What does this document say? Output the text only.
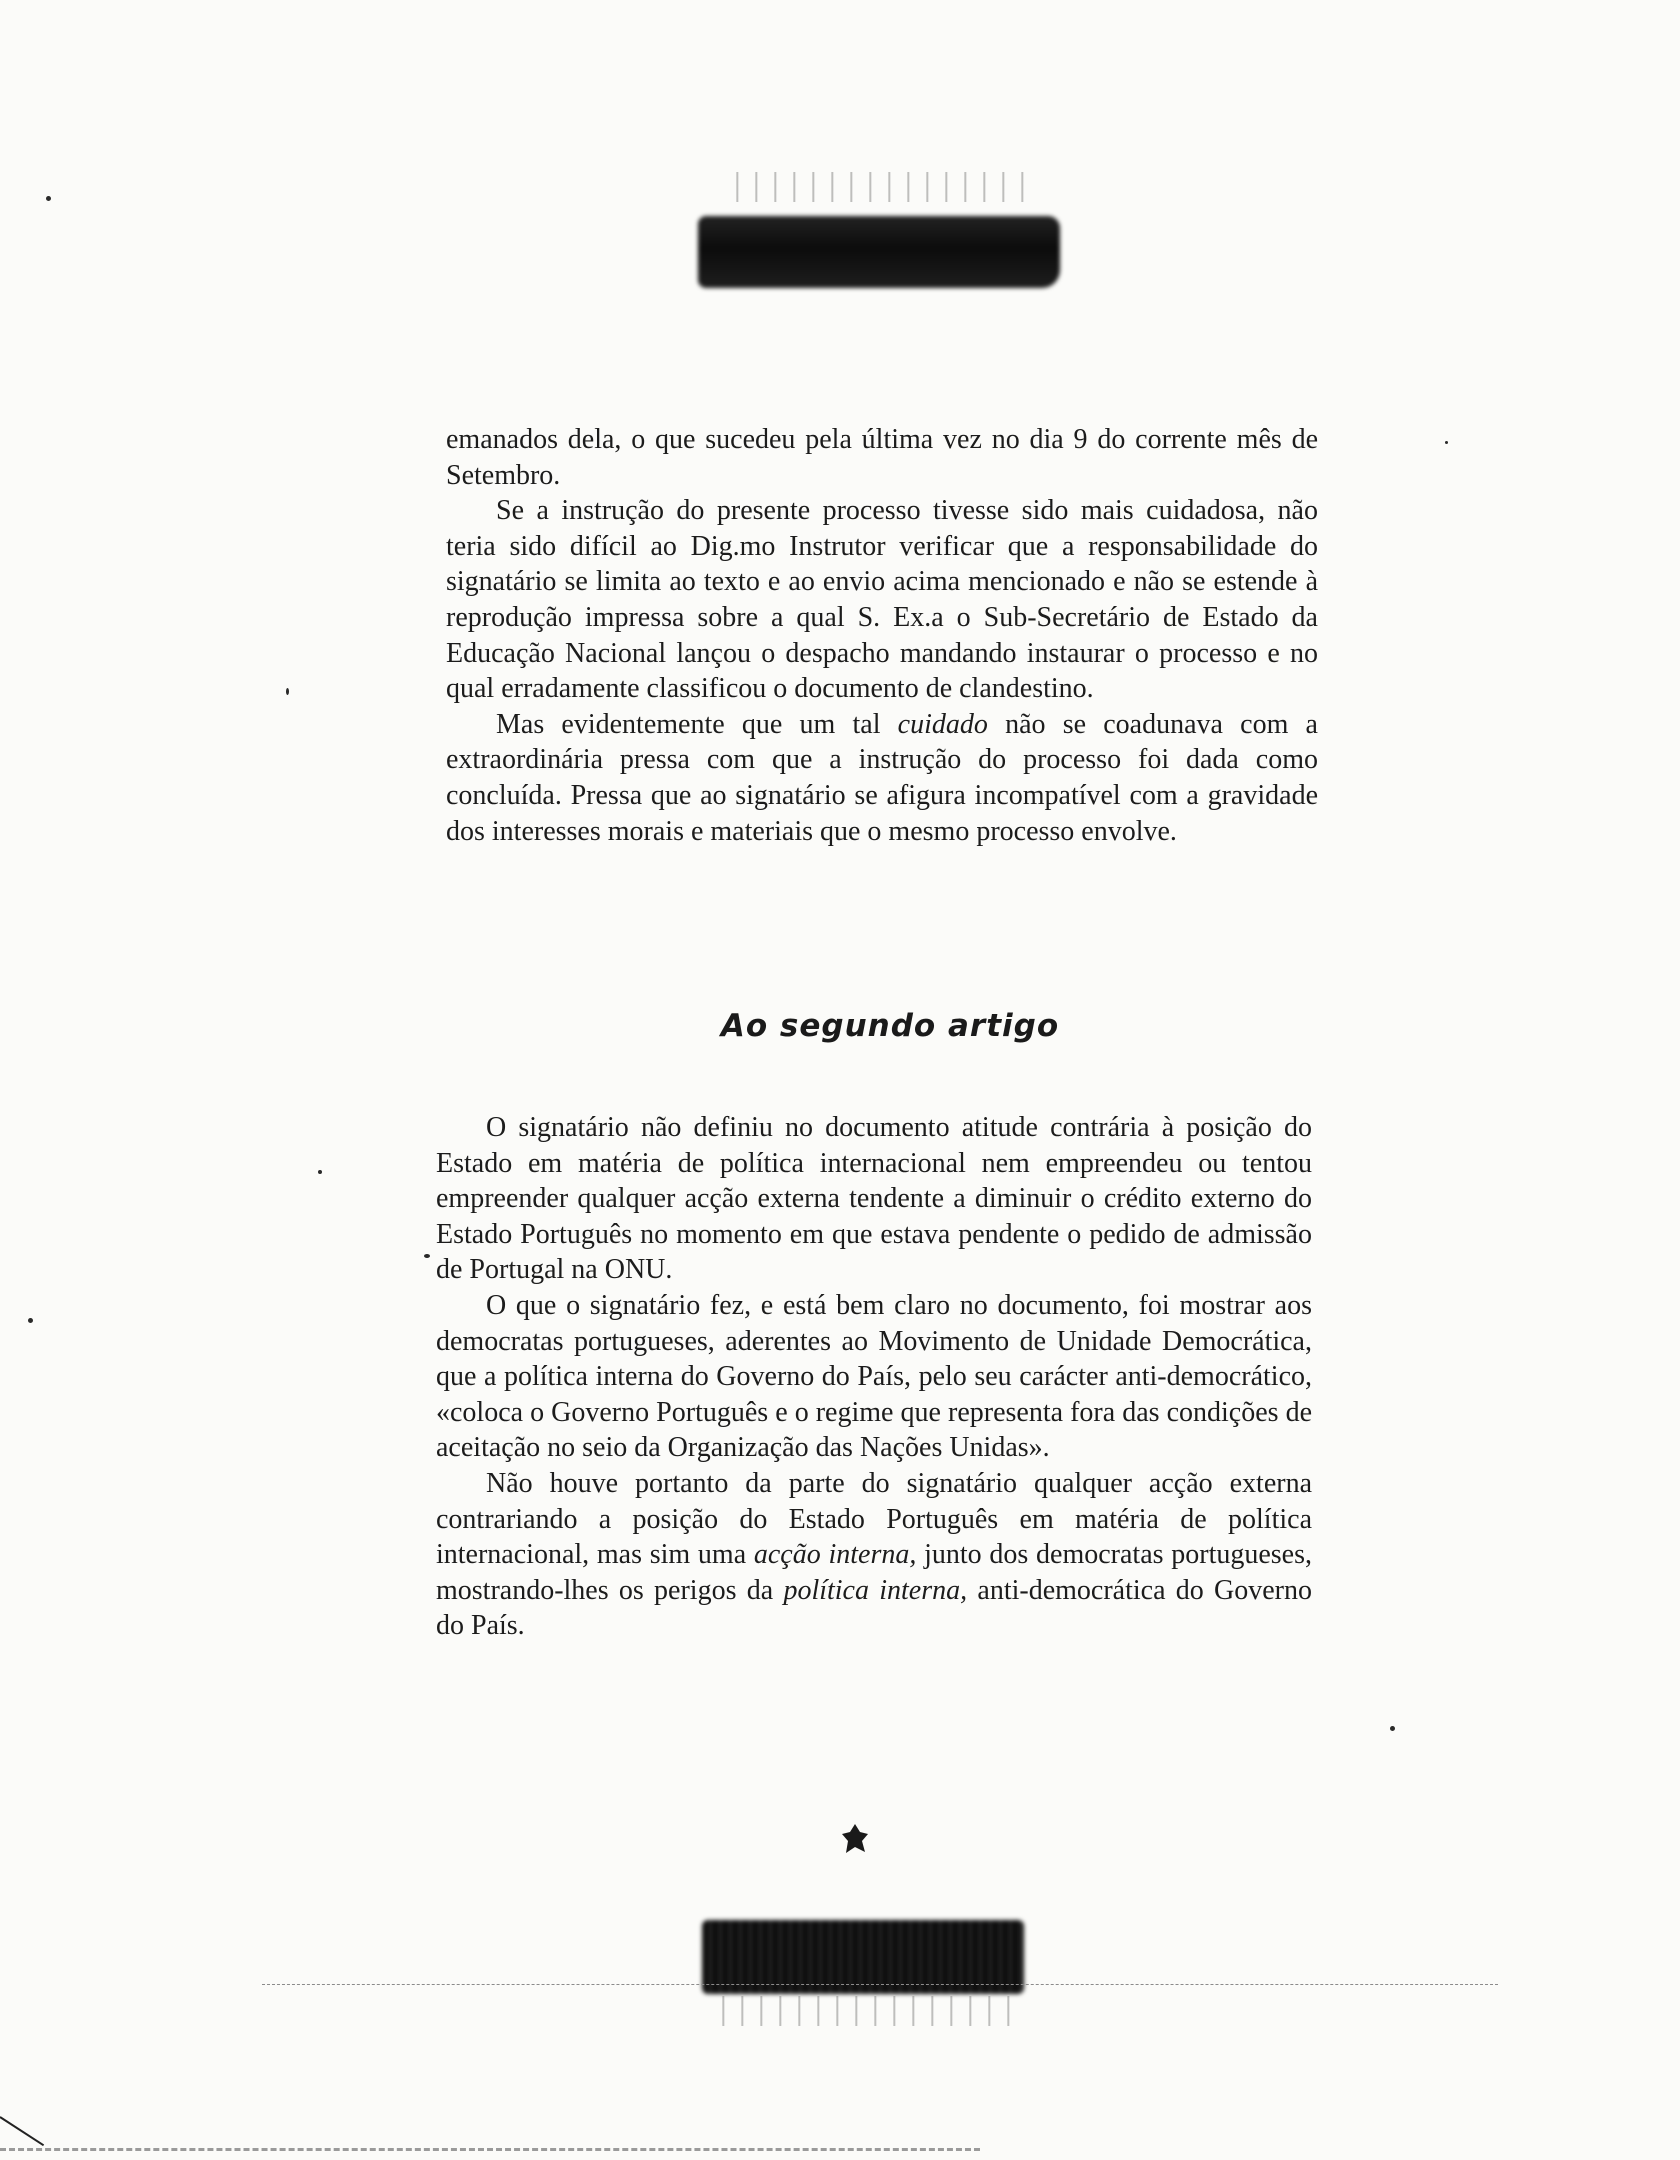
emanados dela, o que sucedeu pela última vez no dia 9 do corrente mês de Setembro.

Se a instrução do presente processo tivesse sido mais cuidadosa, não teria sido difícil ao Dig.mo Instrutor verificar que a responsabilidade do signatário se limita ao texto e ao envio acima mencionado e não se estende à reprodução impressa sobre a qual S. Ex.a o Sub-Secretário de Estado da Educação Nacional lançou o despacho mandando instaurar o processo e no qual erradamente classificou o documento de clandestino.

Mas evidentemente que um tal cuidado não se coadunava com a extraordinária pressa com que a instrução do processo foi dada como concluída. Pressa que ao signatário se afigura incompatível com a gravidade dos interesses morais e materiais que o mesmo processo envolve.

Ao segundo artigo

O signatário não definiu no documento atitude contrária à posição do Estado em matéria de política internacional nem empreendeu ou tentou empreender qualquer acção externa tendente a diminuir o crédito externo do Estado Português no momento em que estava pendente o pedido de admissão de Portugal na ONU.

O que o signatário fez, e está bem claro no documento, foi mostrar aos democratas portugueses, aderentes ao Movimento de Unidade Democrática, que a política interna do Governo do País, pelo seu carácter anti-democrático, «coloca o Governo Português e o regime que representa fora das condições de aceitação no seio da Organização das Nações Unidas».

Não houve portanto da parte do signatário qualquer acção externa contrariando a posição do Estado Português em matéria de política internacional, mas sim uma acção interna, junto dos democratas portugueses, mostrando-lhes os perigos da política interna, anti-democrática do Governo do País.
